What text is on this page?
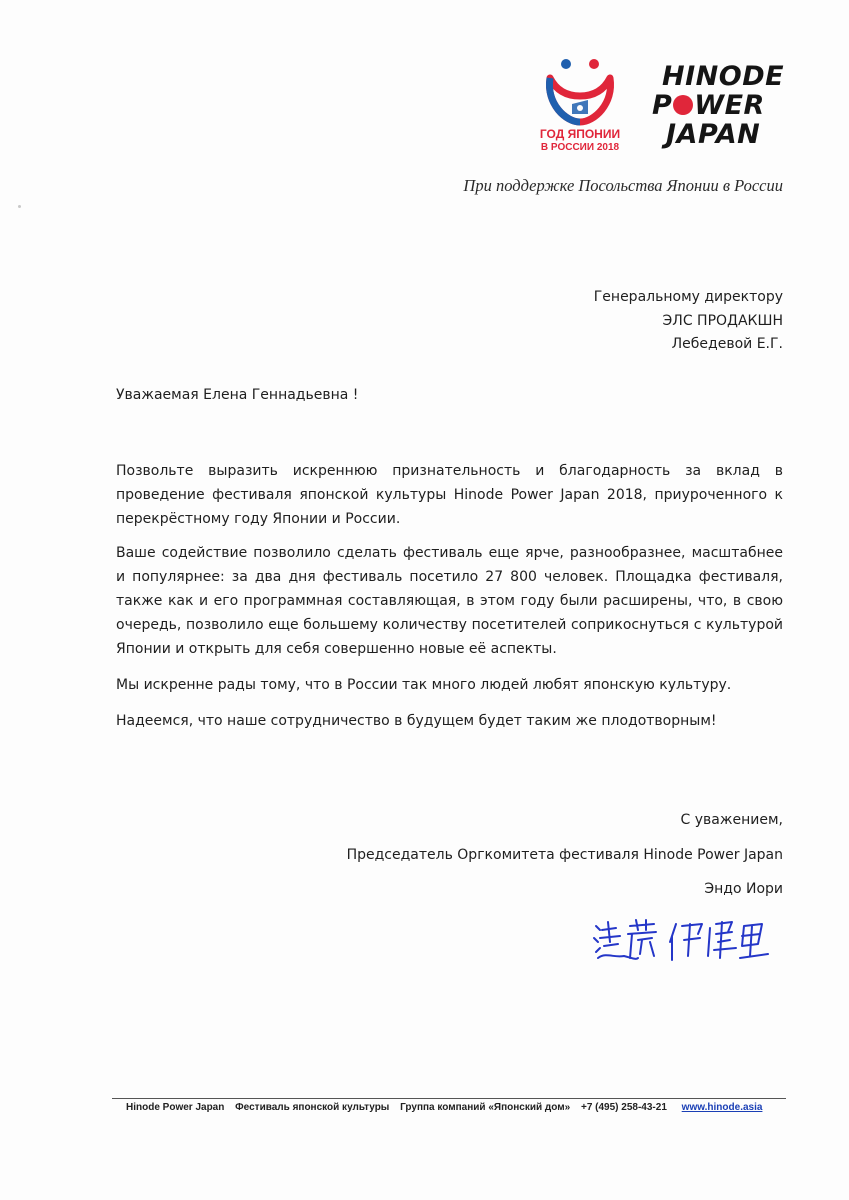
ГОД ЯПОНИИ
В РОССИИ 2018
HINODE
P WER
JAPAN
При поддержке Посольства Японии в России
Генеральному директору
ЭЛС ПРОДАКШН
Лебедевой Е.Г.
Уважаемая Елена Геннадьевна !

Позвольте выразить искреннюю признательность и благодарность за вклад в проведение фестиваля японской культуры Hinode Power Japan 2018, приуроченного к перекрёстному году Японии и России.

Ваше содействие позволило сделать фестиваль еще ярче, разнообразнее, масштабнее и популярнее: за два дня фестиваль посетило 27 800 человек. Площадка фестиваля, также как и его программная составляющая, в этом году были расширены, что, в свою очередь, позволило еще большему количеству посетителей соприкоснуться с культурой Японии и открыть для себя совершенно новые её аспекты.

Мы искренне рады тому, что в России так много людей любят японскую культуру.

Надеемся, что наше сотрудничество в будущем будет таким же плодотворным!

С уважением,
Председатель Оргкомитета фестиваля Hinode Power Japan
Эндо Иори
Hinode Power Japan Фестиваль японской культуры Группа компаний «Японский дом» +7 (495) 258-43-21 www.hinode.asia
